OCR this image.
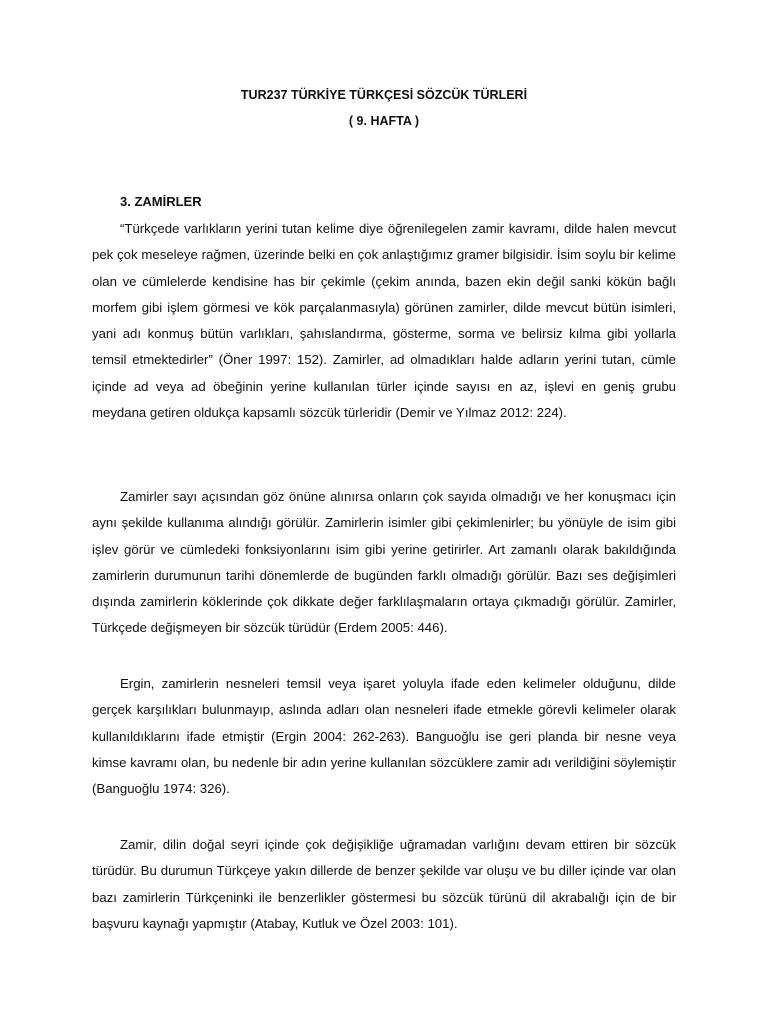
TUR237 TÜRKİYE TÜRKÇESİ SÖZCÜK TÜRLERİ
( 9. HAFTA )
3. ZAMİRLER

“Türkçede varlıkların yerini tutan kelime diye öğrenilegelen zamir kavramı, dilde halen mevcut pek çok meseleye rağmen, üzerinde belki en çok anlaştığımız gramer bilgisidir. İsim soylu bir kelime olan ve cümlelerde kendisine has bir çekimle (çekim anında, bazen ekin değil sanki kökün bağlı morfem gibi işlem görmesi ve kök parçalanmasıyla) görünen zamirler, dilde mevcut bütün isimleri, yani adı konmuş bütün varlıkları, şahıslandırma, gösterme, sorma ve belirsiz kılma gibi yollarla temsil etmektedirler” (Öner 1997: 152). Zamirler, ad olmadıkları halde adların yerini tutan, cümle içinde ad veya ad öbeğinin yerine kullanılan türler içinde sayısı en az, işlevi en geniş grubu meydana getiren oldukça kapsamlı sözcük türleridir (Demir ve Yılmaz 2012: 224).

Zamirler sayı açısından göz önüne alınırsa onların çok sayıda olmadığı ve her konuşmacı için aynı şekilde kullanıma alındığı görülür. Zamirlerin isimler gibi çekimlenirler; bu yönüyle de isim gibi işlev görür ve cümledeki fonksiyonlarını isim gibi yerine getirirler. Art zamanlı olarak bakıldığında zamirlerin durumunun tarihi dönemlerde de bugünden farklı olmadığı görülür. Bazı ses değişimleri dışında zamirlerin köklerinde çok dikkate değer farklılaşmaların ortaya çıkmadığı görülür. Zamirler, Türkçede değişmeyen bir sözcük türüdür (Erdem 2005: 446).

Ergin, zamirlerin nesneleri temsil veya işaret yoluyla ifade eden kelimeler olduğunu, dilde gerçek karşılıkları bulunmayıp, aslında adları olan nesneleri ifade etmekle görevli kelimeler olarak kullanıldıklarını ifade etmiştir (Ergin 2004: 262-263). Banguoğlu ise geri planda bir nesne veya kimse kavramı olan, bu nedenle bir adın yerine kullanılan sözcüklere zamir adı verildiğini söylemiştir (Banguoğlu 1974: 326).

Zamir, dilin doğal seyri içinde çok değişikliğe uğramadan varlığını devam ettiren bir sözcük türüdür. Bu durumun Türkçeye yakın dillerde de benzer şekilde var oluşu ve bu diller içinde var olan bazı zamirlerin Türkçeninki ile benzerlikler göstermesi bu sözcük türünü dil akrabalığı için de bir başvuru kaynağı yapmıştır (Atabay, Kutluk ve Özel 2003: 101).
